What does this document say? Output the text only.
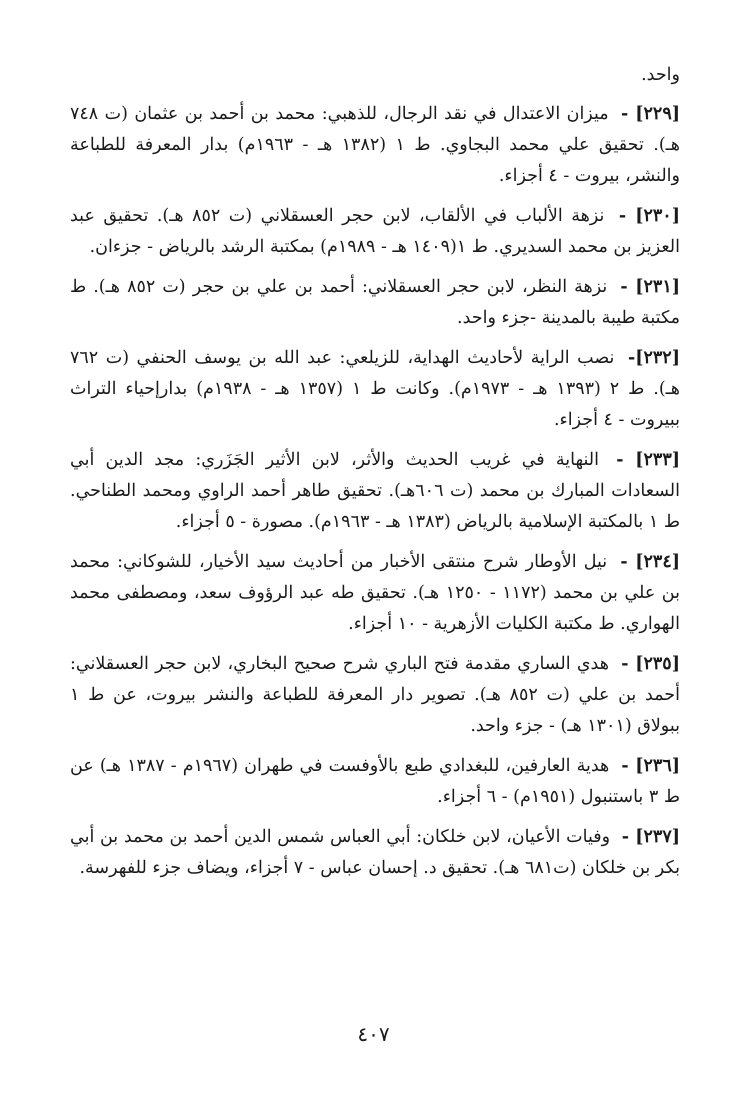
واحد.

[٢٢٩] - ميزان الاعتدال في نقد الرجال، للذهبي: محمد بن أحمد بن عثمان (ت ٧٤٨ هـ). تحقيق علي محمد البجاوي. ط ١ (١٣٨٢ هـ - ١٩٦٣م) بدار المعرفة للطباعة والنشر، بيروت - ٤ أجزاء.

[٢٣٠] - نزهة الألباب في الألقاب، لابن حجر العسقلاني (ت ٨٥٢ هـ). تحقيق عبد العزيز بن محمد السديري. ط ١(١٤٠٩ هـ - ١٩٨٩م) بمكتبة الرشد بالرياض - جزءان.

[٢٣١] - نزهة النظر، لابن حجر العسقلاني: أحمد بن علي بن حجر (ت ٨٥٢ هـ). ط مكتبة طيبة بالمدينة -جزء واحد.

[٢٣٢]- نصب الراية لأحاديث الهداية، للزيلعي: عبد الله بن يوسف الحنفي (ت ٧٦٢ هـ). ط ٢ (١٣٩٣ هـ - ١٩٧٣م). وكانت ط ١ (١٣٥٧ هـ - ١٩٣٨م) بدارإحياء التراث ببيروت - ٤ أجزاء.

[٢٣٣] - النهاية في غريب الحديث والأثر، لابن الأثير الجَزَري: مجد الدين أبي السعادات المبارك بن محمد (ت ٦٠٦هـ). تحقيق طاهر أحمد الراوي ومحمد الطناحي. ط ١ بالمكتبة الإسلامية بالرياض (١٣٨٣ هـ - ١٩٦٣م). مصورة - ٥ أجزاء.

[٢٣٤] - نيل الأوطار شرح منتقى الأخبار من أحاديث سيد الأخيار، للشوكاني: محمد بن علي بن محمد (١١٧٢ - ١٢٥٠ هـ). تحقيق طه عبد الرؤوف سعد، ومصطفى محمد الهواري. ط مكتبة الكليات الأزهرية - ١٠ أجزاء.

[٢٣٥] - هدي الساري مقدمة فتح الباري شرح صحيح البخاري، لابن حجر العسقلاني: أحمد بن علي (ت ٨٥٢ هـ). تصوير دار المعرفة للطباعة والنشر بيروت، عن ط ١ ببولاق (١٣٠١ هـ) - جزء واحد.

[٢٣٦] - هدية العارفين، للبغدادي طبع بالأوفست في طهران (١٩٦٧م - ١٣٨٧ هـ) عن ط ٣ باستنبول (١٩٥١م) - ٦ أجزاء.

[٢٣٧] - وفيات الأعيان، لابن خلكان: أبي العباس شمس الدين أحمد بن محمد بن أبي بكر بن خلكان (ت٦٨١ هـ). تحقيق د. إحسان عباس - ٧ أجزاء، ويضاف جزء للفهرسة.

٤٠٧
